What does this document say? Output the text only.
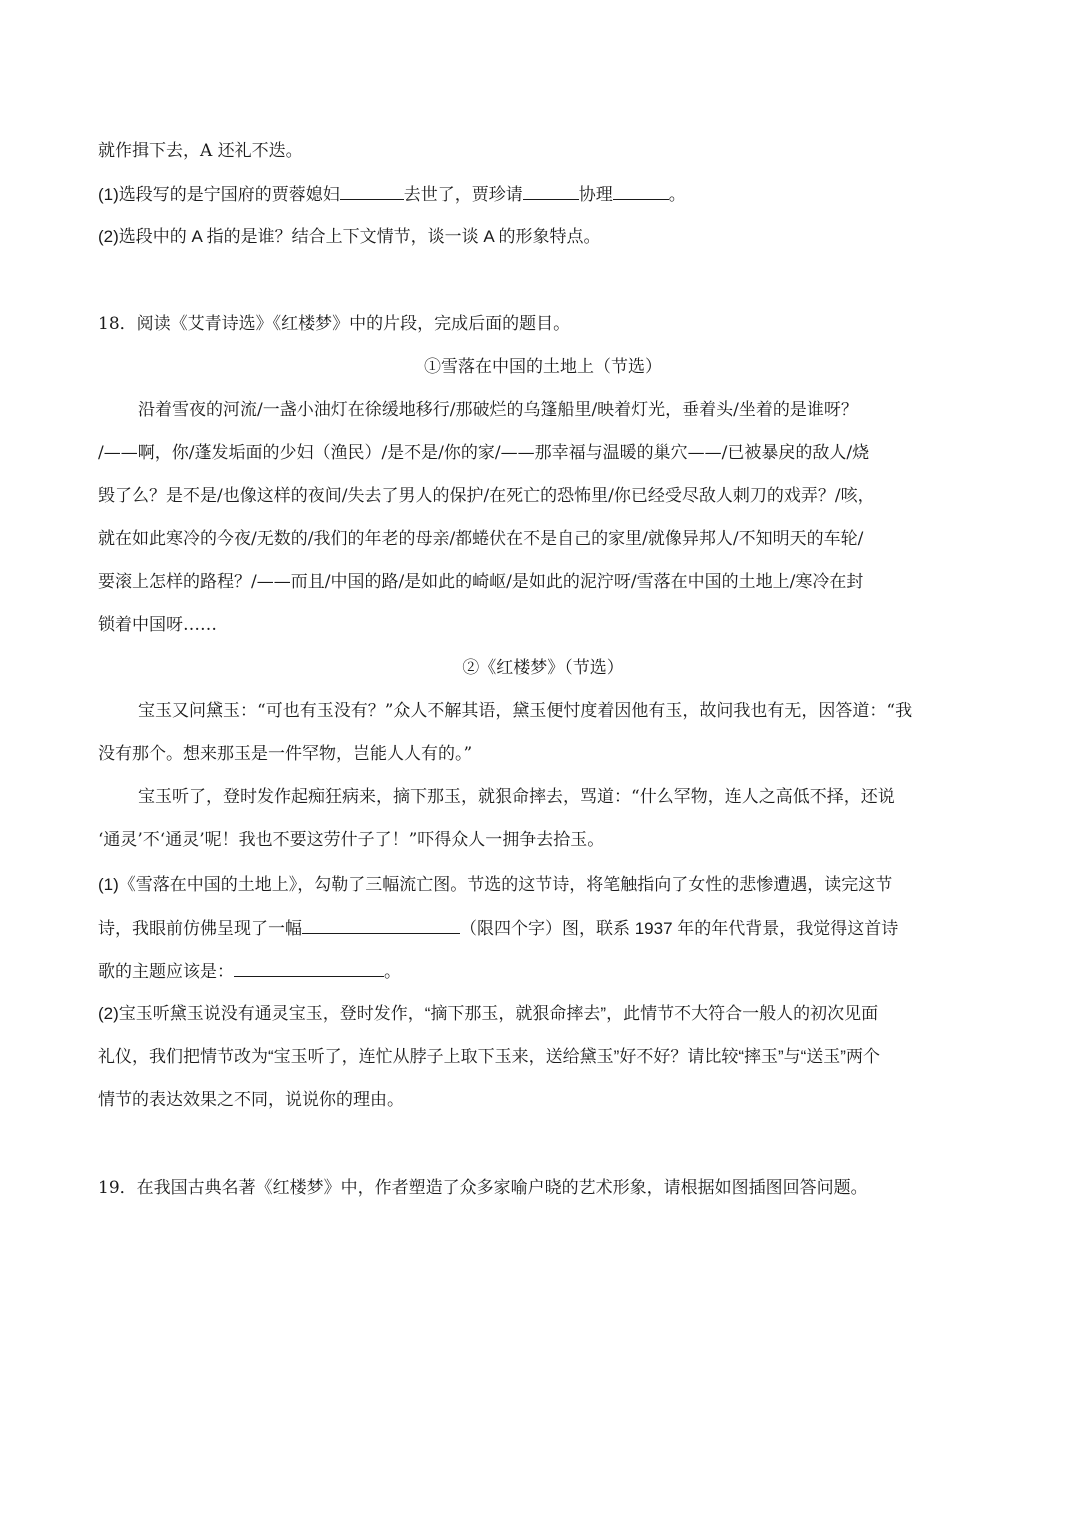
就作揖下去，A 还礼不迭。
(1)选段写的是宁国府的贾蓉媳妇	去世了，贾珍请	协理	。
(2)选段中的 A 指的是谁？结合上下文情节，谈一谈 A 的形象特点。
18．阅读《艾青诗选》《红楼梦》中的片段，完成后面的题目。
①雪落在中国的土地上（节选）
沿着雪夜的河流/一盏小油灯在徐缓地移行/那破烂的乌篷船里/映着灯光，垂着头/坐着的是谁呀？
/——啊，你/蓬发垢面的少妇（渔民）/是不是/你的家/——那幸福与温暖的巢穴——/已被暴戾的敌人/烧
毁了么？是不是/也像这样的夜间/失去了男人的保护/在死亡的恐怖里/你已经受尽敌人刺刀的戏弄？/咳，
就在如此寒冷的今夜/无数的/我们的年老的母亲/都蜷伏在不是自己的家里/就像异邦人/不知明天的车轮/
要滚上怎样的路程？/——而且/中国的路/是如此的崎岖/是如此的泥泞呀/雪落在中国的土地上/寒冷在封
锁着中国呀……
②《红楼梦》（节选）
宝玉又问黛玉：“可也有玉没有？”众人不解其语，黛玉便忖度着因他有玉，故问我也有无，因答道：“我
没有那个。想来那玉是一件罕物，岂能人人有的。”
宝玉听了，登时发作起痴狂病来，摘下那玉，就狠命摔去，骂道：“什么罕物，连人之高低不择，还说
‘通灵’不‘通灵’呢！我也不要这劳什子了！”吓得众人一拥争去拾玉。
(1)《雪落在中国的土地上》，勾勒了三幅流亡图。节选的这节诗，将笔触指向了女性的悲惨遭遇，读完这节
诗，我眼前仿佛呈现了一幅	（限四个字）图，联系 1937 年的年代背景，我觉得这首诗
歌的主题应该是：	。
(2)宝玉听黛玉说没有通灵宝玉，登时发作，“摘下那玉，就狠命摔去”，此情节不大符合一般人的初次见面
礼仪，我们把情节改为“宝玉听了，连忙从脖子上取下玉来，送给黛玉”好不好？请比较“摔玉”与“送玉”两个
情节的表达效果之不同，说说你的理由。
19．在我国古典名著《红楼梦》中，作者塑造了众多家喻户晓的艺术形象，请根据如图插图回答问题。
